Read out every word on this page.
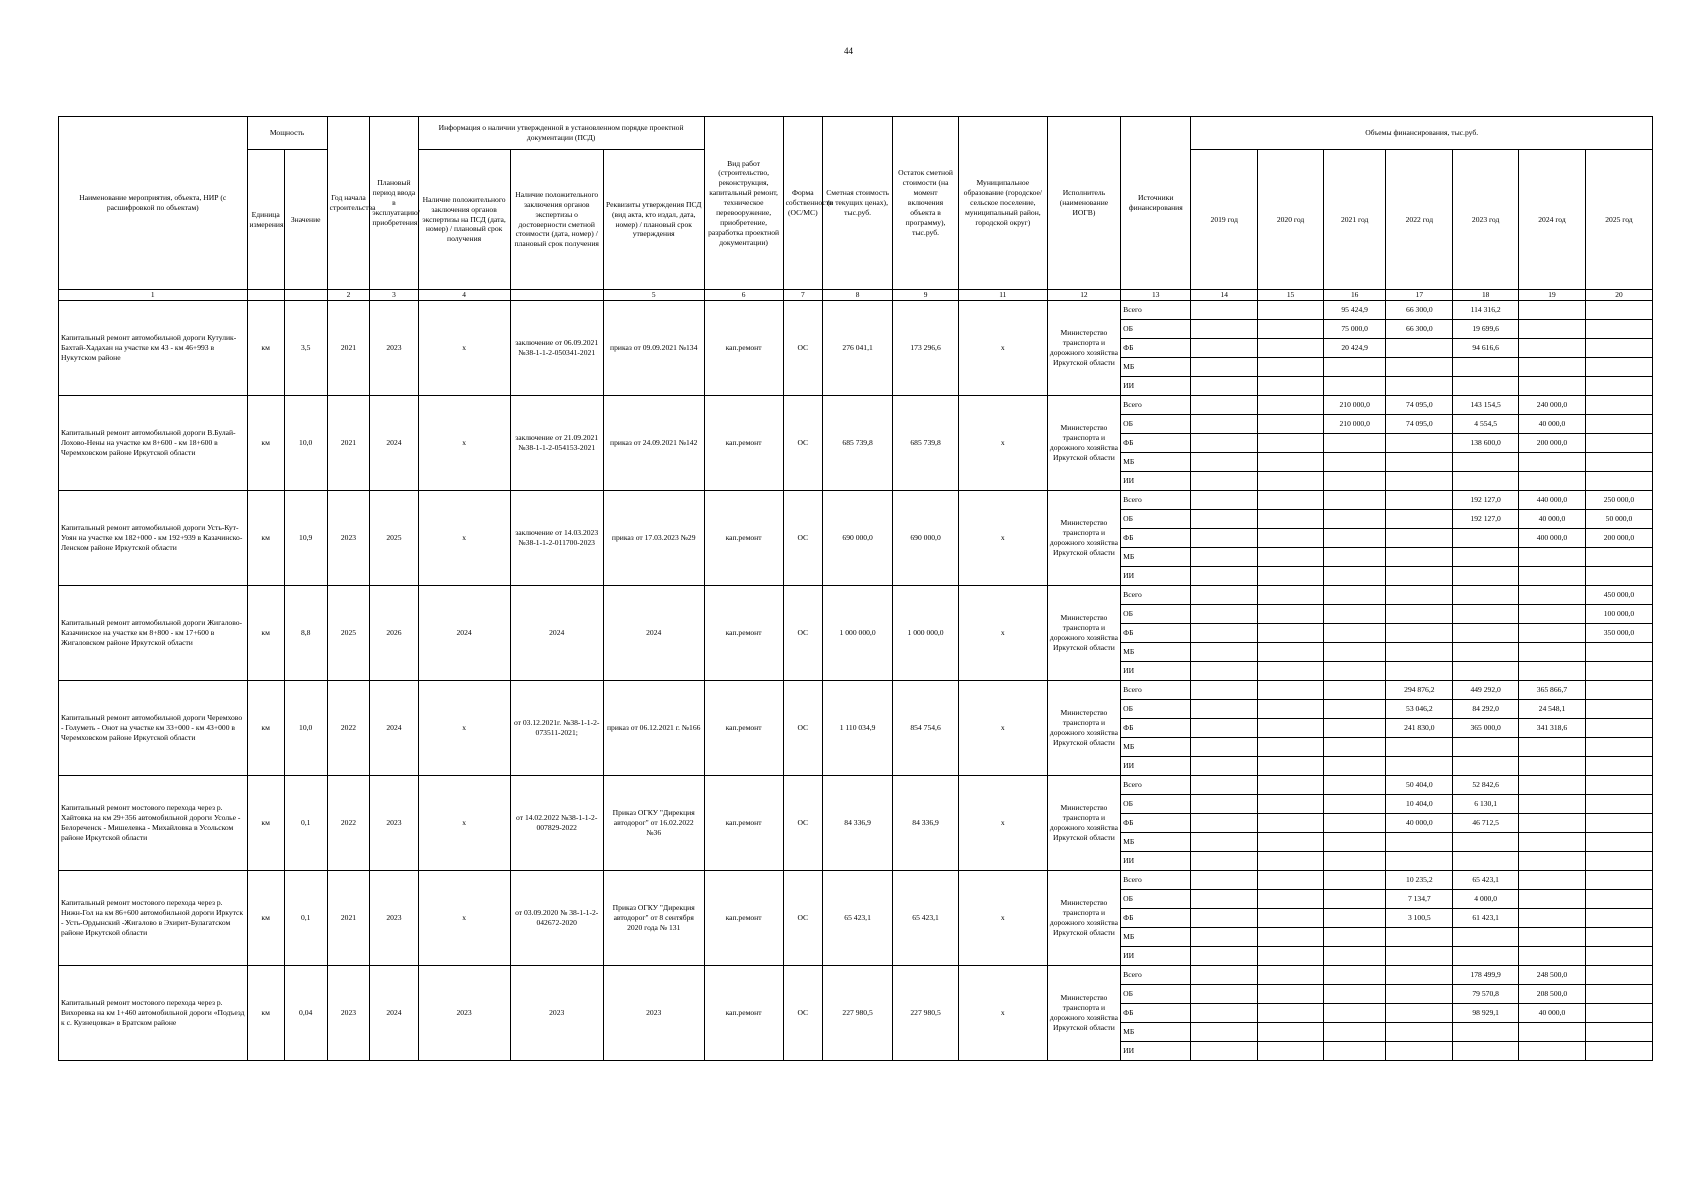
44
Наименование мероприятия, объекта, НИР (с расшифровкой по объектам)	Мощность		Год начала строительства	Плановый период ввода в эксплуатацию/приобретения	Информация о наличии утвержденной в установленном порядке проектной документации (ПСД)			Вид работ (строительство, реконструкция, капитальный ремонт, техническое перевооружение, приобретение, разработка проектной документации)	Форма собственности (ОС/МС)	Сметная стоимость (в текущих ценах), тыс.руб.	Остаток сметной стоимости (на момент включения объекта в программу), тыс.руб.	Муниципальное образование (городское/сельское поселение, муниципальный район, городской округ)	Исполнитель (наименование ИОГВ)	Источники финансирования	Объемы финансирования, тыс.руб.						
	Единица измерения	Значение			Наличие положительного заключения органов экспертизы на ПСД (дата, номер) / плановый срок получения	Наличие положительного заключения органов экспертизы о достоверности сметной стоимости (дата, номер) / плановый срок получения	Реквизиты утверждения ПСД (вид акта, кто издал, дата, номер) / плановый срок утверждения								2019 год	2020 год	2021 год	2022 год	2023 год	2024 год	2025 год
1			2	3	4		5	6	7	8	9	11	12	13	14	15	16	17	18	19	20
Капитальный ремонт автомобильной дороги Кутулик-Бахтай-Хадахан на участке км 43 - км 46+993 в Нукутском районе	км	3,5	2021	2023	х	заключение от 06.09.2021 №38-1-1-2-050341-2021	приказ от 09.09.2021 №134	кап.ремонт	ОС	276 041,1	173 296,6	х	Министерство транспорта и дорожного хозяйства Иркутской области	Всего			95 424,9	66 300,0	114 316,2		
														ОБ			75 000,0	66 300,0	19 699,6		
														ФБ			20 424,9		94 616,6		
														МБ							
														ИИ							
Капитальный ремонт автомобильной дороги В.Булай-Лохово-Нены на участке км 8+600 - км 18+600 в Черемховском районе Иркутской области	км	10,0	2021	2024	х	заключение от 21.09.2021 №38-1-1-2-054153-2021	приказ от 24.09.2021 №142	кап.ремонт	ОС	685 739,8	685 739,8	х	Министерство транспорта и дорожного хозяйства Иркутской области	Всего			210 000,0	74 095,0	143 154,5	240 000,0	
														ОБ			210 000,0	74 095,0	4 554,5	40 000,0	
														ФБ					138 600,0	200 000,0	
														МБ							
														ИИ							
Капитальный ремонт автомобильной дороги Усть-Кут-Уоян на участке км 182+000 - км 192+939 в Казачинско-Ленском районе Иркутской области	км	10,9	2023	2025	х	заключение от 14.03.2023 №38-1-1-2-011700-2023	приказ от 17.03.2023 №29	кап.ремонт	ОС	690 000,0	690 000,0	х	Министерство транспорта и дорожного хозяйства Иркутской области	Всего					192 127,0	440 000,0	250 000,0
														ОБ					192 127,0	40 000,0	50 000,0
														ФБ						400 000,0	200 000,0
														МБ							
														ИИ							
Капитальный ремонт автомобильной дороги Жигалово-Казачинское на участке км 8+800 - км 17+600 в Жигаловском районе Иркутской области	км	8,8	2025	2026	2024	2024	2024	кап.ремонт	ОС	1 000 000,0	1 000 000,0	х	Министерство транспорта и дорожного хозяйства Иркутской области	Всего							450 000,0
														ОБ							100 000,0
														ФБ							350 000,0
														МБ							
														ИИ							
Капитальный ремонт автомобильной дороги Черемхово - Голуметь - Онот на участке км 33+000 - км 43+000 в Черемховском районе Иркутской области	км	10,0	2022	2024	х	от 03.12.2021г. №38-1-1-2-073511-2021;	приказ от 06.12.2021 г. №166	кап.ремонт	ОС	1 110 034,9	854 754,6	х	Министерство транспорта и дорожного хозяйства Иркутской области	Всего				294 876,2	449 292,0	365 866,7	
														ОБ				53 046,2	84 292,0	24 548,1	
														ФБ				241 830,0	365 000,0	341 318,6	
														МБ							
														ИИ							
Капитальный ремонт мостового перехода через р. Хайтовка на км 29+356 автомобильной дороги Усолье - Белореченск - Мишелевка - Михайловка в Усольском районе Иркутской области	км	0,1	2022	2023	х	от 14.02.2022 №38-1-1-2-007829-2022	Приказ ОГКУ "Дирекция автодорог" от 16.02.2022 №36	кап.ремонт	ОС	84 336,9	84 336,9	х	Министерство транспорта и дорожного хозяйства Иркутской области	Всего				50 404,0	52 842,6		
														ОБ				10 404,0	6 130,1		
														ФБ				40 000,0	46 712,5		
														МБ							
														ИИ							
Капитальный ремонт мостового перехода через р. Нижн-Гол на км 86+600 автомобильной дороги Иркутск - Усть-Ордынский -Жигалово в Эхирит-Булагатском районе Иркутской области	км	0,1	2021	2023	х	от 03.09.2020 № 38-1-1-2-042672-2020	Приказ ОГКУ "Дирекция автодорог" от 8 сентября 2020 года № 131	кап.ремонт	ОС	65 423,1	65 423,1	х	Министерство транспорта и дорожного хозяйства Иркутской области	Всего				10 235,2	65 423,1		
														ОБ				7 134,7	4 000,0		
														ФБ				3 100,5	61 423,1		
														МБ							
														ИИ							
Капитальный ремонт мостового перехода через р. Вихоревка на км 1+460 автомобильной дороги «Подъезд к с. Кузнецовка» в Братском районе	км	0,04	2023	2024	2023	2023	2023	кап.ремонт	ОС	227 980,5	227 980,5	х	Министерство транспорта и дорожного хозяйства Иркутской области	Всего					178 499,9	248 500,0	
														ОБ					79 570,8	208 500,0	
														ФБ					98 929,1	40 000,0	
														МБ							
														ИИ							
